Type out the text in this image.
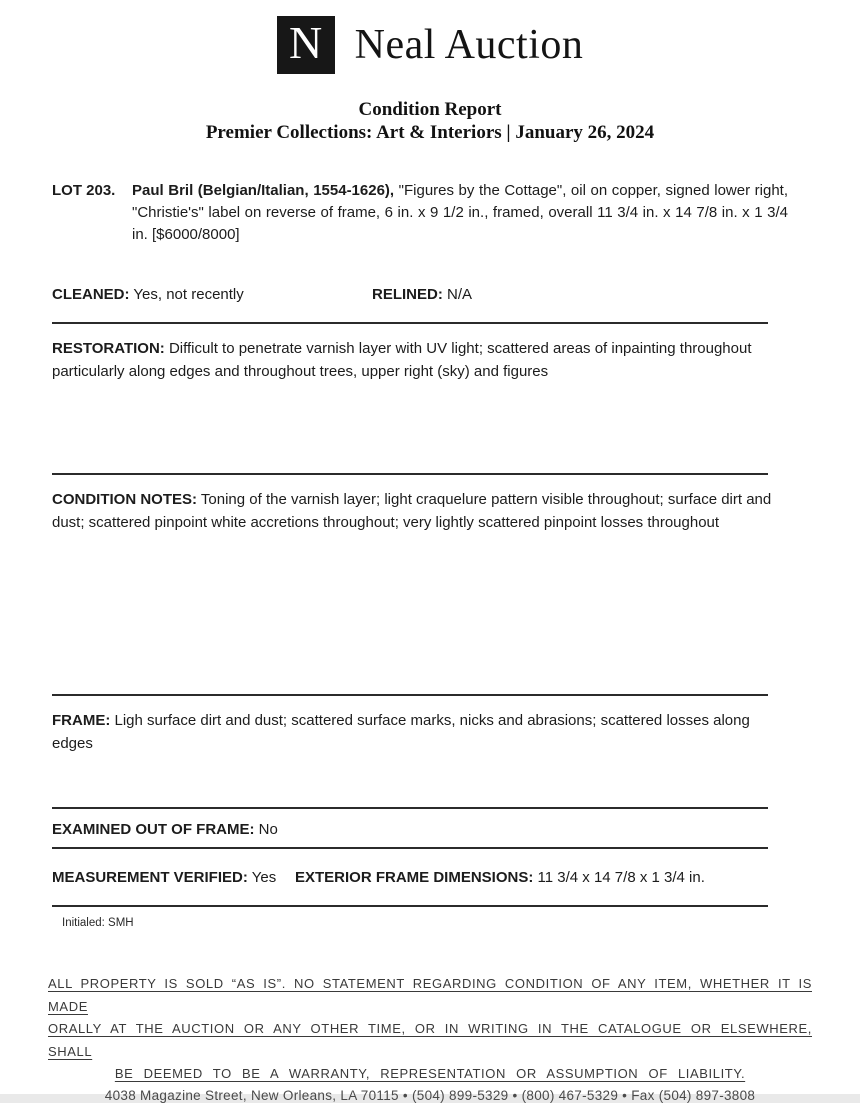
N Neal Auction
Condition Report
Premier Collections: Art & Interiors | January 26, 2024
LOT 203.	Paul Bril (Belgian/Italian, 1554-1626), "Figures by the Cottage", oil on copper, signed lower right, "Christie's" label on reverse of frame, 6 in. x 9 1/2 in., framed, overall 11 3/4 in. x 14 7/8 in. x 1 3/4 in. [$6000/8000]
CLEANED: Yes, not recently	RELINED: N/A
RESTORATION: Difficult to penetrate varnish layer with UV light; scattered areas of inpainting throughout particularly along edges and throughout trees, upper right (sky) and figures
CONDITION NOTES: Toning of the varnish layer; light craquelure pattern visible throughout; surface dirt and dust; scattered pinpoint white accretions throughout; very lightly scattered pinpoint losses throughout
FRAME: Ligh surface dirt and dust; scattered surface marks, nicks and abrasions; scattered losses along edges
EXAMINED OUT OF FRAME: No
MEASUREMENT VERIFIED: Yes	EXTERIOR FRAME DIMENSIONS: 11 3/4 x 14 7/8 x 1 3/4 in.
Initialed: SMH
ALL PROPERTY IS SOLD “AS IS”. NO STATEMENT REGARDING CONDITION OF ANY ITEM, WHETHER IT IS MADE
ORALLY AT THE AUCTION OR ANY OTHER TIME, OR IN WRITING IN THE CATALOGUE OR ELSEWHERE, SHALL
BE DEEMED TO BE A WARRANTY, REPRESENTATION OR ASSUMPTION OF LIABILITY.
4038 Magazine Street, New Orleans, LA 70115 • (504) 899-5329 • (800) 467-5329 • Fax (504) 897-3808
